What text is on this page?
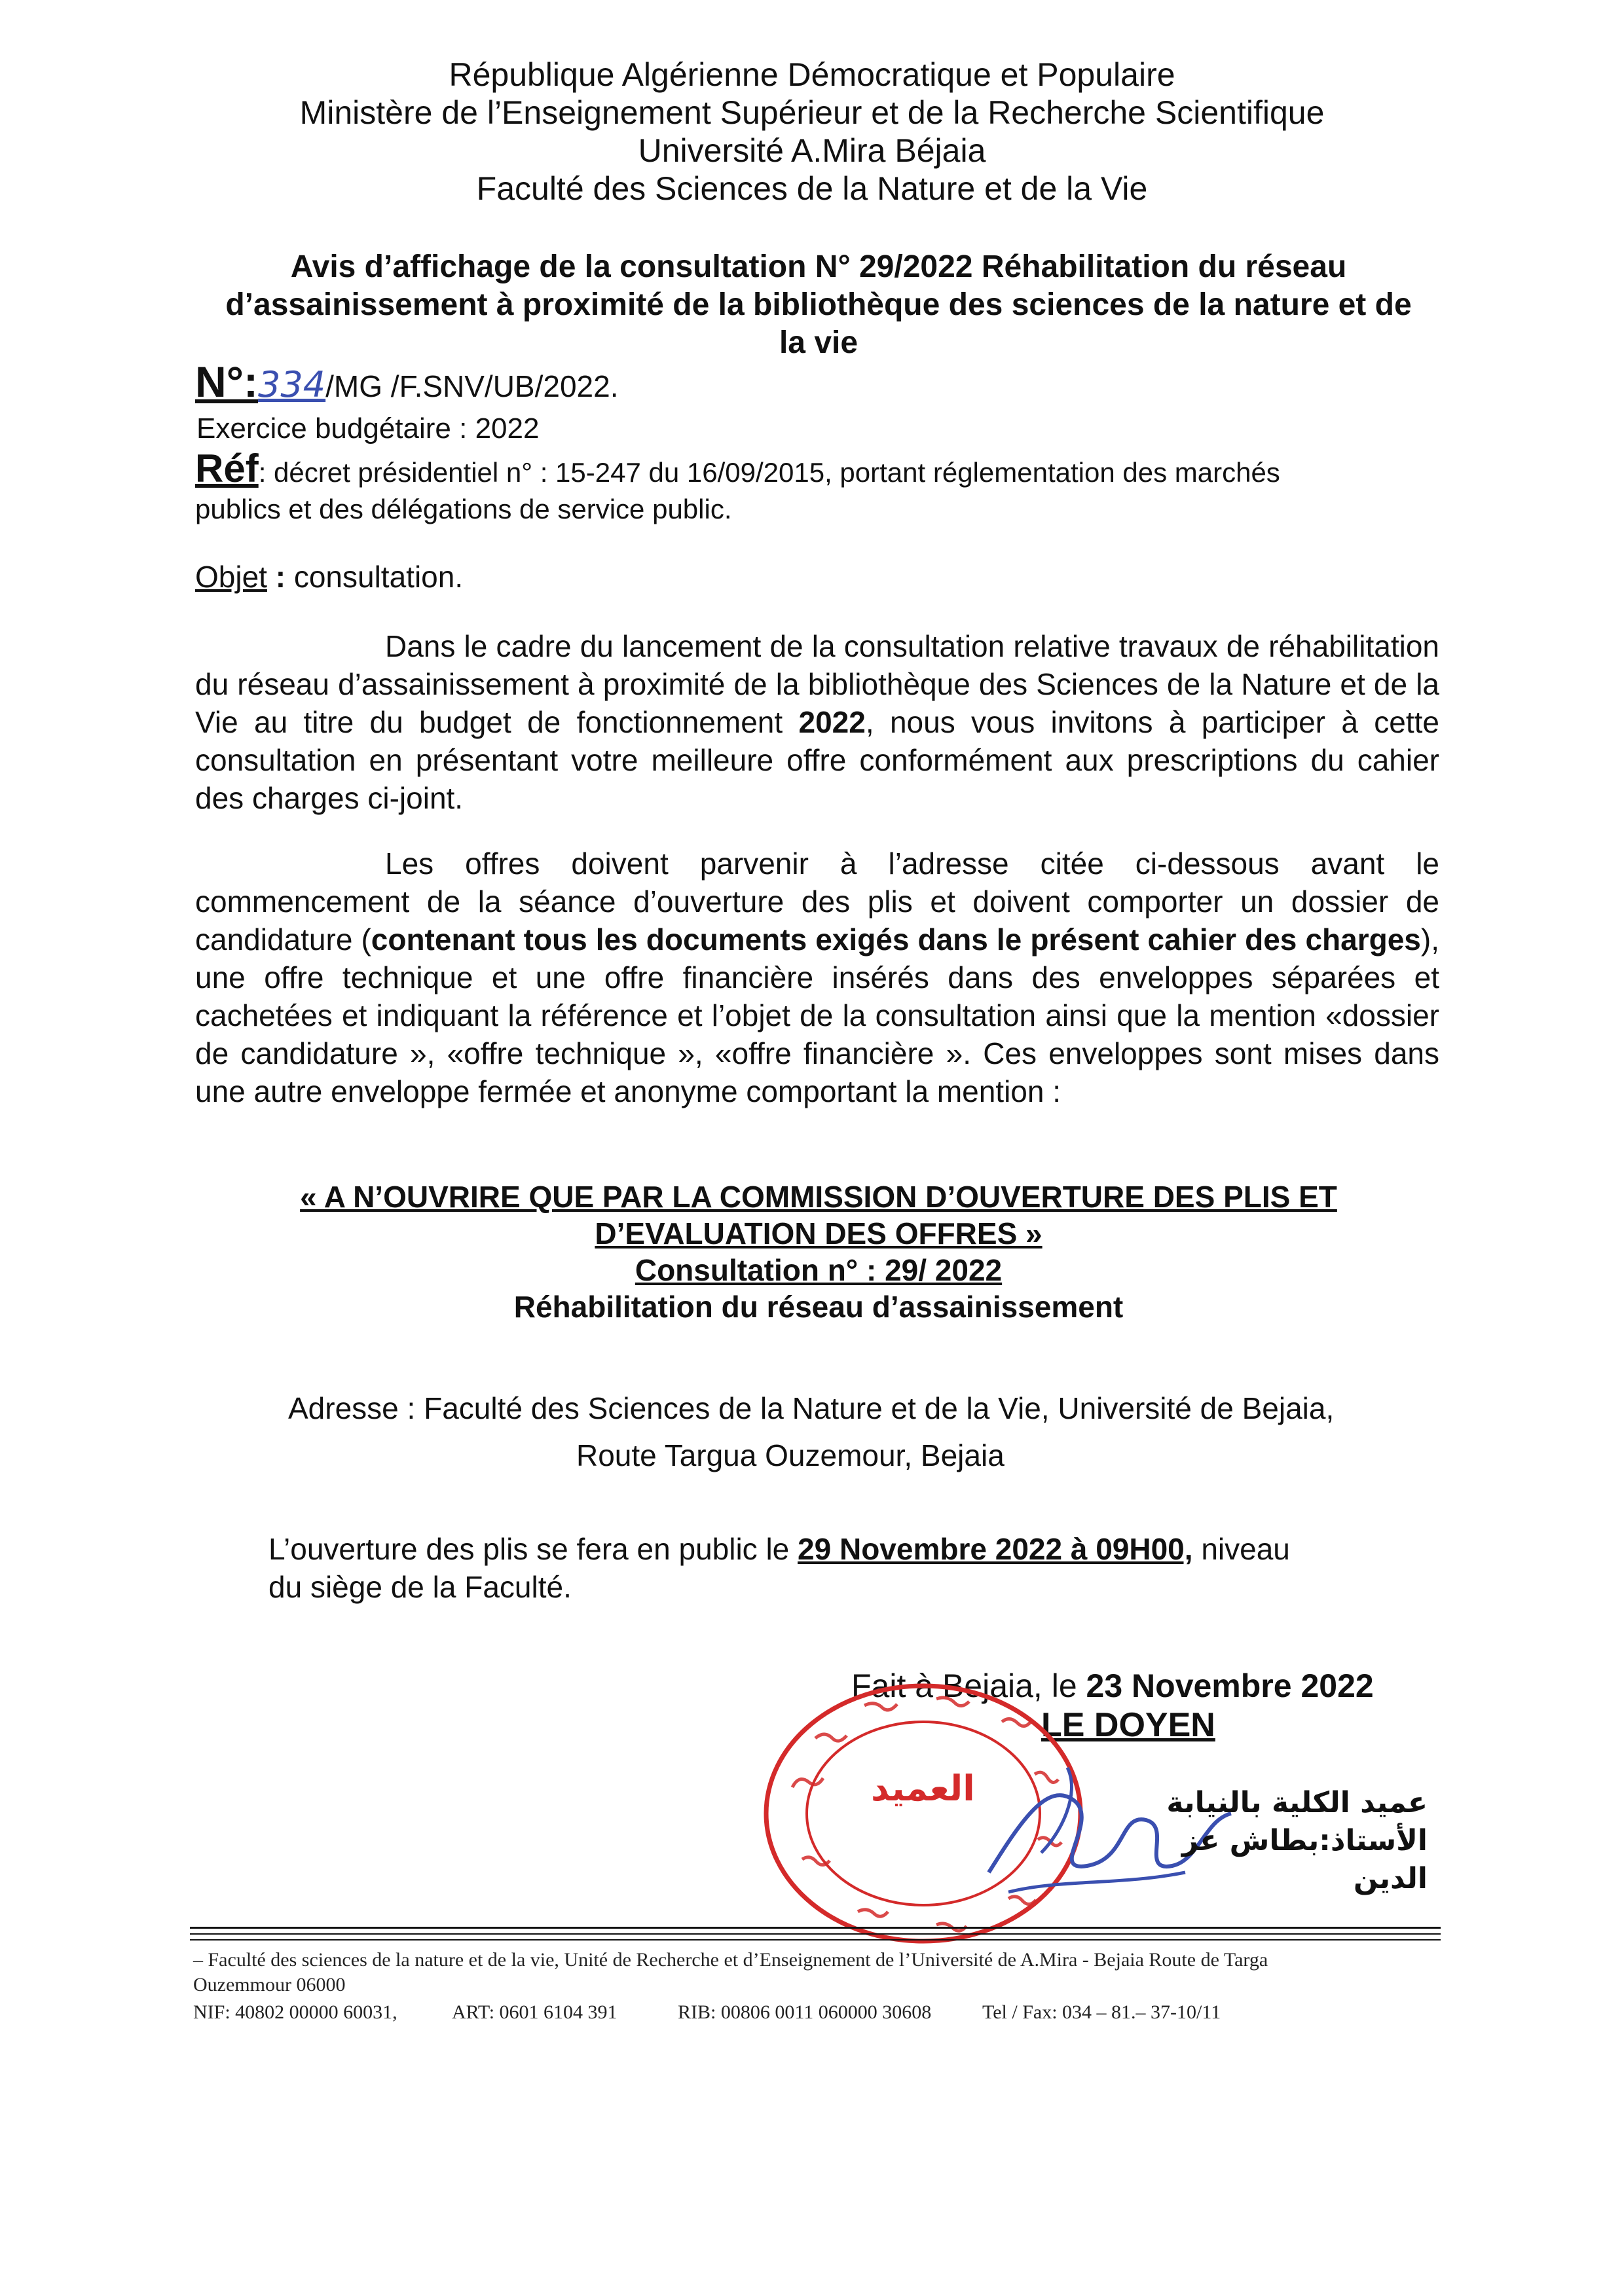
République Algérienne Démocratique et Populaire
Ministère de l’Enseignement Supérieur et de la Recherche Scientifique
Université A.Mira Béjaia
Faculté des Sciences de la Nature et de la Vie
Avis d’affichage de la consultation N° 29/2022 Réhabilitation du réseau
d’assainissement à proximité de la bibliothèque des sciences de la nature et de
la vie
N°:334/MG /F.SNV/UB/2022.
Exercice budgétaire : 2022
Réf: décret présidentiel n° : 15-247 du 16/09/2015, portant réglementation des marchés
publics et des délégations de service public.
Objet : consultation.
Dans le cadre du lancement de la consultation relative travaux de réhabilitation du réseau d’assainissement à proximité de la bibliothèque des Sciences de la Nature et de la Vie au titre du budget de fonctionnement 2022, nous vous invitons à participer à cette consultation en présentant votre meilleure offre conformément aux prescriptions du cahier des charges ci-joint.
Les offres doivent parvenir à l’adresse citée ci-dessous avant le commencement de la séance d’ouverture des plis et doivent comporter un dossier de candidature (contenant tous les documents exigés dans le présent cahier des charges), une offre technique et une offre financière insérés dans des enveloppes séparées et cachetées et indiquant la référence et l’objet de la consultation ainsi que la mention «dossier de candidature », «offre technique », «offre financière ». Ces enveloppes sont mises dans une autre enveloppe fermée et anonyme comportant la mention :
« A N’OUVRIRE QUE PAR LA COMMISSION D’OUVERTURE DES PLIS ET
D’EVALUATION DES OFFRES »
Consultation n° : 29/ 2022
Réhabilitation du réseau d’assainissement
Adresse : Faculté des Sciences de la Nature et de la Vie, Université de Bejaia,
Route Targua Ouzemour, Bejaia
L’ouverture des plis se fera en public le 29 Novembre 2022 à 09H00, niveau
du siège de la Faculté.
Fait à Bejaia, le 23 Novembre 2022
LE DOYEN
العميد	عميد الكلية بالنيابة
الأستاذ:بطاش عز الدين
– Faculté des sciences de la nature et de la vie, Unité de Recherche et d’Enseignement de l’Université de A.Mira - Bejaia Route de Targa
Ouzemmour 06000
NIF: 40802 00000 60031,	ART: 0601 6104 391	RIB: 00806 0011 060000 30608	Tel / Fax: 034 – 81.– 37-10/11
